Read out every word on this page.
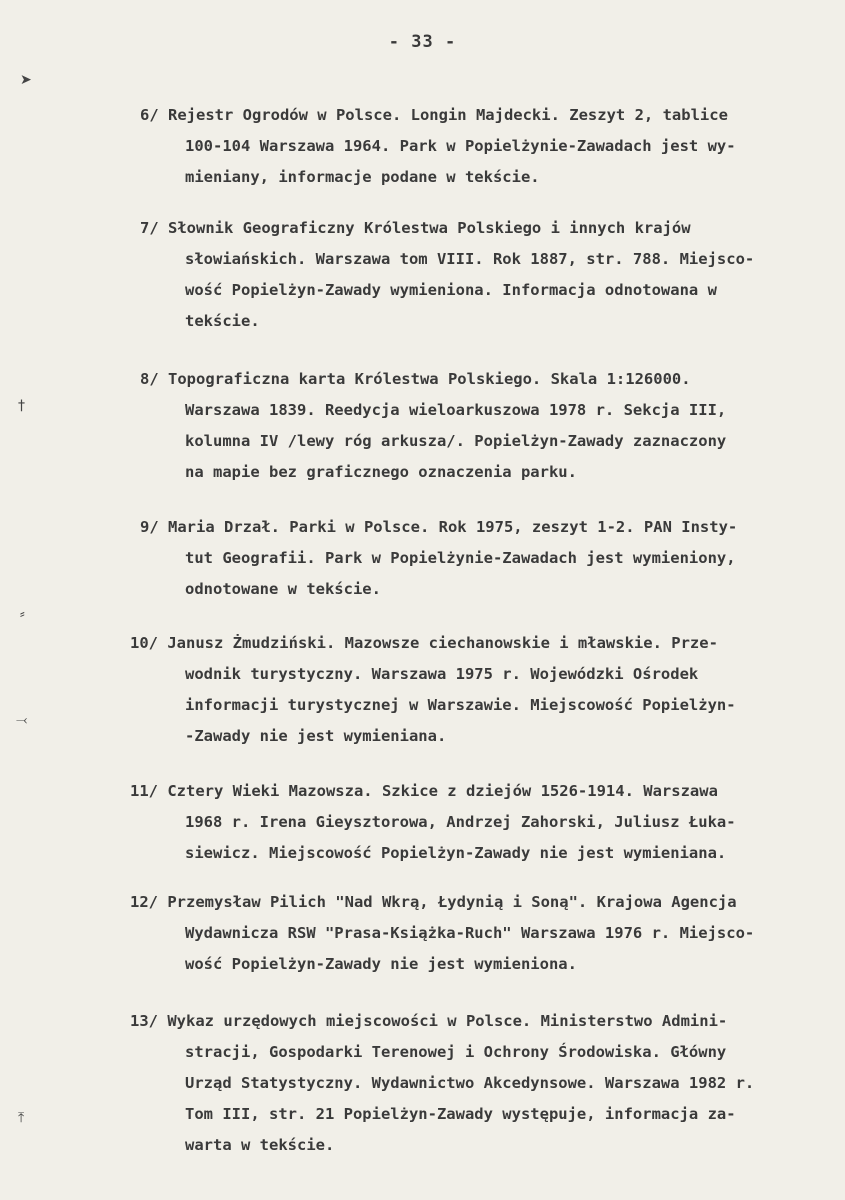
- 33 -
➤
†
⸗
⤙
⤒
6/ Rejestr Ogrodów w Polsce. Longin Majdecki. Zeszyt 2, tablice
100-104 Warszawa 1964. Park w Popielżynie-Zawadach jest wy-
mieniany, informacje podane w tekście.
7/ Słownik Geograficzny Królestwa Polskiego i innych krajów
słowiańskich. Warszawa tom VIII. Rok 1887, str. 788. Miejsco-
wość Popielżyn-Zawady wymieniona. Informacja odnotowana w
tekście.
8/ Topograficzna karta Królestwa Polskiego. Skala 1:126000.
Warszawa 1839. Reedycja wieloarkuszowa 1978 r. Sekcja III,
kolumna IV /lewy róg arkusza/. Popielżyn-Zawady zaznaczony
na mapie bez graficznego oznaczenia parku.
9/ Maria Drzał. Parki w Polsce. Rok 1975, zeszyt 1-2. PAN Insty-
tut Geografii. Park w Popielżynie-Zawadach jest wymieniony,
odnotowane w tekście.
10/ Janusz Żmudziński. Mazowsze ciechanowskie i mławskie. Prze-
wodnik turystyczny. Warszawa 1975 r. Wojewódzki Ośrodek
informacji turystycznej w Warszawie. Miejscowość Popielżyn-
-Zawady nie jest wymieniana.
11/ Cztery Wieki Mazowsza. Szkice z dziejów 1526-1914. Warszawa
1968 r. Irena Gieysztorowa, Andrzej Zahorski, Juliusz Łuka-
siewicz. Miejscowość Popielżyn-Zawady nie jest wymieniana.
12/ Przemysław Pilich "Nad Wkrą, Łydynią i Soną". Krajowa Agencja
Wydawnicza RSW "Prasa-Książka-Ruch" Warszawa 1976 r. Miejsco-
wość Popielżyn-Zawady nie jest wymieniona.
13/ Wykaz urzędowych miejscowości w Polsce. Ministerstwo Admini-
stracji, Gospodarki Terenowej i Ochrony Środowiska. Główny
Urząd Statystyczny. Wydawnictwo Akcedynsowe. Warszawa 1982 r.
Tom III, str. 21 Popielżyn-Zawady występuje, informacja za-
warta w tekście.
